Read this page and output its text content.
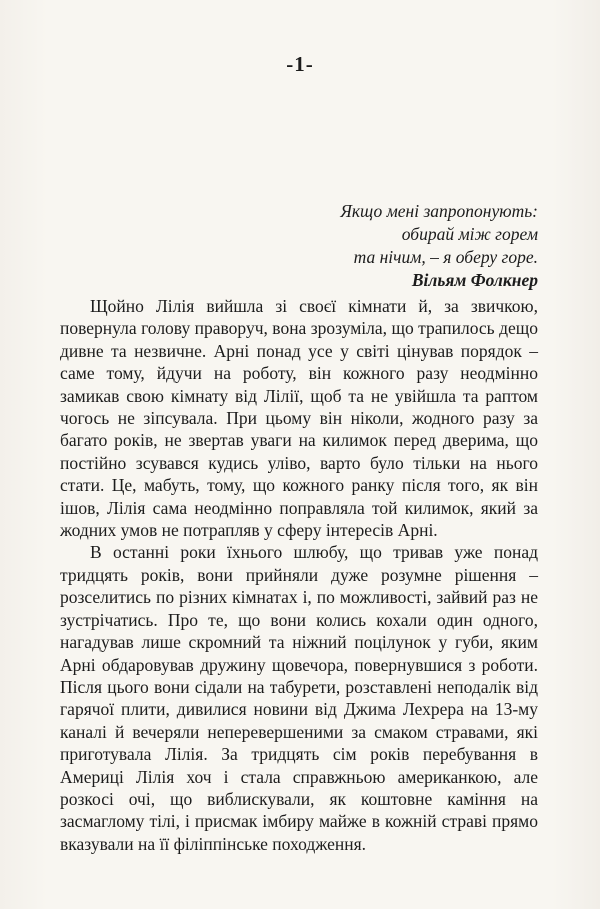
-1-
Якщо мені запропонують:
обирай між горем
та нічим, – я оберу горе.
Вільям Фолкнер

Щойно Лілія вийшла зі своєї кімнати й, за звичкою, повернула голову праворуч, вона зрозуміла, що трапилось дещо дивне та незвичне. Арні понад усе у світі цінував порядок – саме тому, йдучи на роботу, він кожного разу неодмінно замикав свою кімнату від Лілії, щоб та не увійшла та раптом чогось не зіпсувала. При цьому він ніколи, жодного разу за багато років, не звертав уваги на килимок перед дверима, що постійно зсувався кудись уліво, варто було тільки на нього стати. Це, мабуть, тому, що кожного ранку після того, як він ішов, Лілія сама неодмінно поправляла той килимок, який за жодних умов не потрапляв у сферу інтересів Арні.

В останні роки їхнього шлюбу, що тривав уже понад тридцять років, вони прийняли дуже розумне рішення – розселитись по різних кімнатах і, по можливості, зайвий раз не зустрічатись. Про те, що вони колись кохали один одного, нагадував лише скромний та ніжний поцілунок у губи, яким Арні обдаровував дружину щовечора, повернувшися з роботи. Після цього вони сідали на табурети, розставлені неподалік від гарячої плити, дивилися новини від Джима Лехрера на 13-му каналі й вечеряли неперевершеними за смаком стравами, які приготувала Лілія. За тридцять сім років перебування в Америці Лілія хоч і стала справжньою американкою, але розкосі очі, що виблискували, як коштовне каміння на засмаглому тілі, і присмак імбиру майже в кожній страві прямо вказували на її філіппінське походження.
